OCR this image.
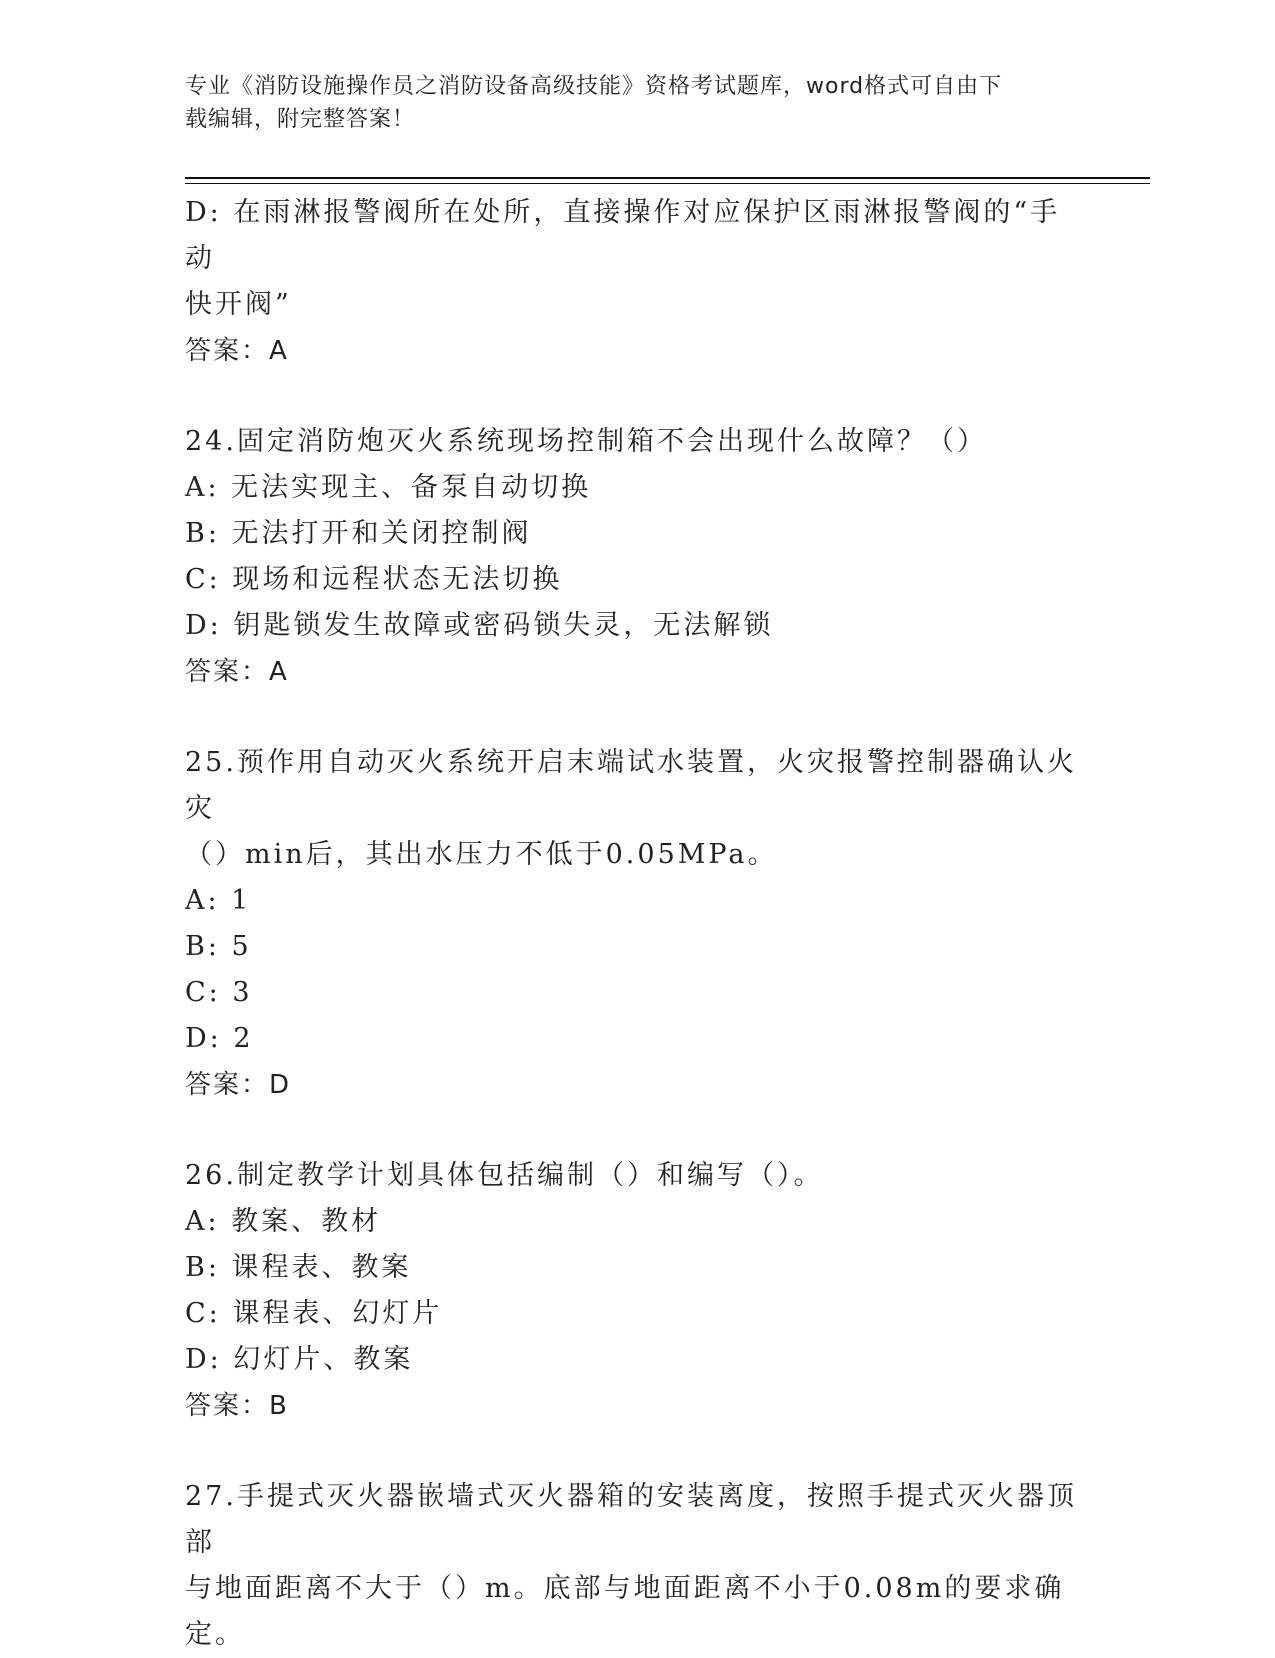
专业《消防设施操作员之消防设备高级技能》资格考试题库，word格式可自由下
载编辑，附完整答案！

D: 在雨淋报警阀所在处所，直接操作对应保护区雨淋报警阀的“手动

快开阀”

答案：A

24.固定消防炮灭火系统现场控制箱不会出现什么故障？（）

A: 无法实现主、备泵自动切换

B: 无法打开和关闭控制阀

C: 现场和远程状态无法切换

D: 钥匙锁发生故障或密码锁失灵，无法解锁

答案：A

25.预作用自动灭火系统开启末端试水装置，火灾报警控制器确认火灾

（）min后，其出水压力不低于0.05MPa。

A: 1

B: 5

C: 3

D: 2

答案：D

26.制定教学计划具体包括编制（）和编写（）。

A: 教案、教材

B: 课程表、教案

C: 课程表、幻灯片

D: 幻灯片、教案

答案：B

27.手提式灭火器嵌墙式灭火器箱的安装离度，按照手提式灭火器顶部

与地面距离不大于（）m。底部与地面距离不小于0.08m的要求确定。
